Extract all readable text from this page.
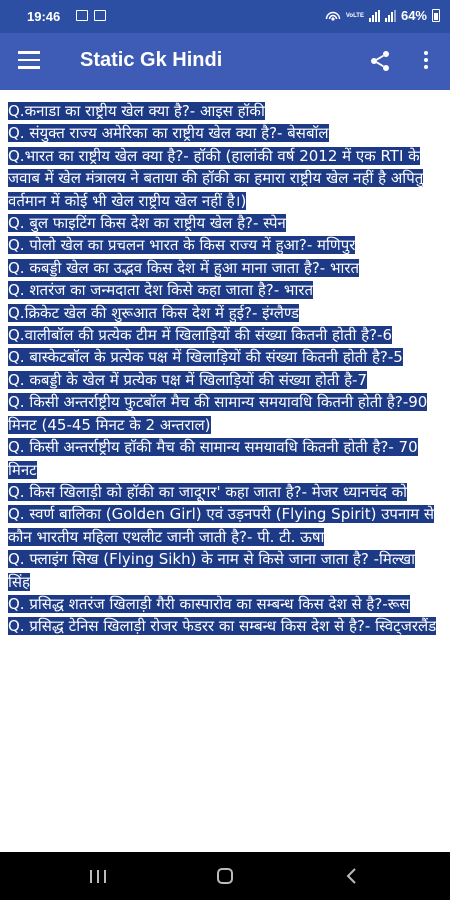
19:46	VoLTE	64%
Static Gk Hindi

Q.कनाडा का राष्ट्रीय खेल क्या है?- आइस हॉकी
Q. संयुक्त राज्य अमेरिका का राष्ट्रीय खेल क्या है?- बेसबॉल
Q.भारत का राष्ट्रीय खेल क्या है?- हॉकी (हालांकी वर्ष 2012 में एक RTI के जवाब में खेल मंत्रालय ने बताया की हॉकी का हमारा राष्ट्रीय खेल नहीं है अपितु वर्तमान में कोई भी खेल राष्ट्रीय खेल नहीं है।)
Q. बुल फाइटिंग किस देश का राष्ट्रीय खेल है?- स्पेन
Q. पोलो खेल का प्रचलन भारत के किस राज्य में हुआ?- मणिपुर
Q. कबड्डी खेल का उद्भव किस देश में हुआ माना जाता है?- भारत
Q. शतरंज का जन्मदाता देश किसे कहा जाता है?- भारत
Q.क्रिकेट खेल की शुरूआत किस देश में हुई?- इंग्लैण्ड
Q.वालीबॉल की प्रत्येक टीम में खिलाड़ियों की संख्या कितनी होती है?-6
Q. बास्केटबॉल के प्रत्येक पक्ष में खिलाड़ियों की संख्या कितनी होती है?-5
Q. कबड्डी के खेल में प्रत्येक पक्ष में खिलाड़ियों की संख्या होती है-7
Q. किसी अन्तर्राष्ट्रीय फुटबॉल मैच की सामान्य समयावधि कितनी होती है?-90 मिनट (45-45 मिनट के 2 अन्तराल)
Q. किसी अन्तर्राष्ट्रीय हॉकी मैच की सामान्य समयावधि कितनी होती है?- 70 मिनट
Q. किस खिलाड़ी को हॉकी का जादूगर' कहा जाता है?- मेजर ध्यानचंद को
Q. स्वर्ण बालिका (Golden Girl) एवं उड़नपरी (Flying Spirit) उपनाम से कौन भारतीय महिला एथलीट जानी जाती है?- पी. टी. ऊषा
Q. फ्लाइंग सिख (Flying Sikh) के नाम से किसे जाना जाता है? -मिल्खा सिंह
Q. प्रसिद्ध शतरंज खिलाड़ी गैरी कास्पारोव का सम्बन्ध किस देश से है?-रूस
Q. प्रसिद्ध टेनिस खिलाड़ी रोजर फेडरर का सम्बन्ध किस देश से है?- स्विट्जरलैंड
